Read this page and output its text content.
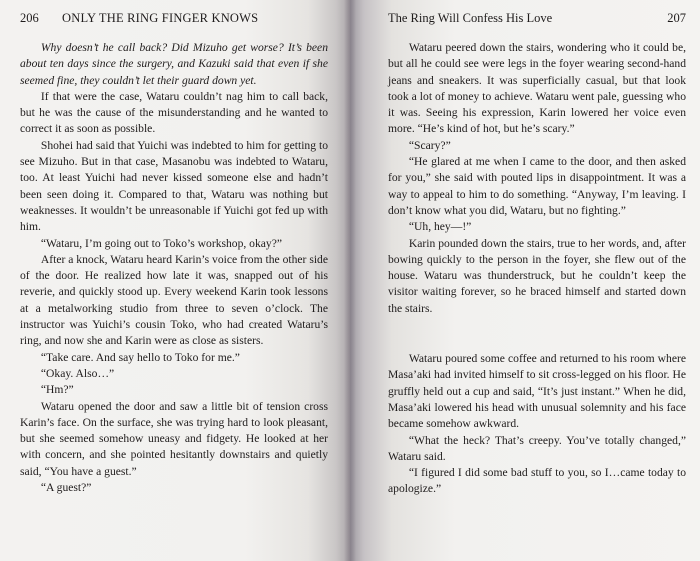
206 ONLY THE RING FINGER KNOWS

Why doesn’t he call back? Did Mizuho get worse? It’s been about ten days since the surgery, and Kazuki said that even if she seemed fine, they couldn’t let their guard down yet.

If that were the case, Wataru couldn’t nag him to call back, but he was the cause of the misunderstanding and he wanted to correct it as soon as possible.

Shohei had said that Yuichi was indebted to him for getting to see Mizuho. But in that case, Masanobu was indebted to Wataru, too. At least Yuichi had never kissed someone else and hadn’t been seen doing it. Compared to that, Wataru was nothing but weaknesses. It wouldn’t be unreasonable if Yuichi got fed up with him.

“Wataru, I’m going out to Toko’s workshop, okay?”

After a knock, Wataru heard Karin’s voice from the other side of the door. He realized how late it was, snapped out of his reverie, and quickly stood up. Every weekend Karin took lessons at a metalworking studio from three to seven o’clock. The instructor was Yuichi’s cousin Toko, who had created Wataru’s ring, and now she and Karin were as close as sisters.

“Take care. And say hello to Toko for me.”

“Okay. Also…”

“Hm?”

Wataru opened the door and saw a little bit of tension cross Karin’s face. On the surface, she was trying hard to look pleasant, but she seemed somehow uneasy and fidgety. He looked at her with concern, and she pointed hesitantly downstairs and quietly said, “You have a guest.”

“A guest?”

The Ring Will Confess His Love	207

Wataru peered down the stairs, wondering who it could be, but all he could see were legs in the foyer wearing second-hand jeans and sneakers. It was superficially casual, but that look took a lot of money to achieve. Wataru went pale, guessing who it was. Seeing his expression, Karin lowered her voice even more. “He’s kind of hot, but he’s scary.”

“Scary?”

“He glared at me when I came to the door, and then asked for you,” she said with pouted lips in disappointment. It was a way to appeal to him to do something. “Anyway, I’m leaving. I don’t know what you did, Wataru, but no fighting.”

“Uh, hey—!”

Karin pounded down the stairs, true to her words, and, after bowing quickly to the person in the foyer, she flew out of the house. Wataru was thunderstruck, but he couldn’t keep the visitor waiting forever, so he braced himself and started down the stairs.

Wataru poured some coffee and returned to his room where Masa’aki had invited himself to sit cross-legged on his floor. He gruffly held out a cup and said, “It’s just instant.” When he did, Masa’aki lowered his head with unusual solemnity and his face became somehow awkward.

“What the heck? That’s creepy. You’ve totally changed,” Wataru said.

“I figured I did some bad stuff to you, so I…came today to apologize.”
